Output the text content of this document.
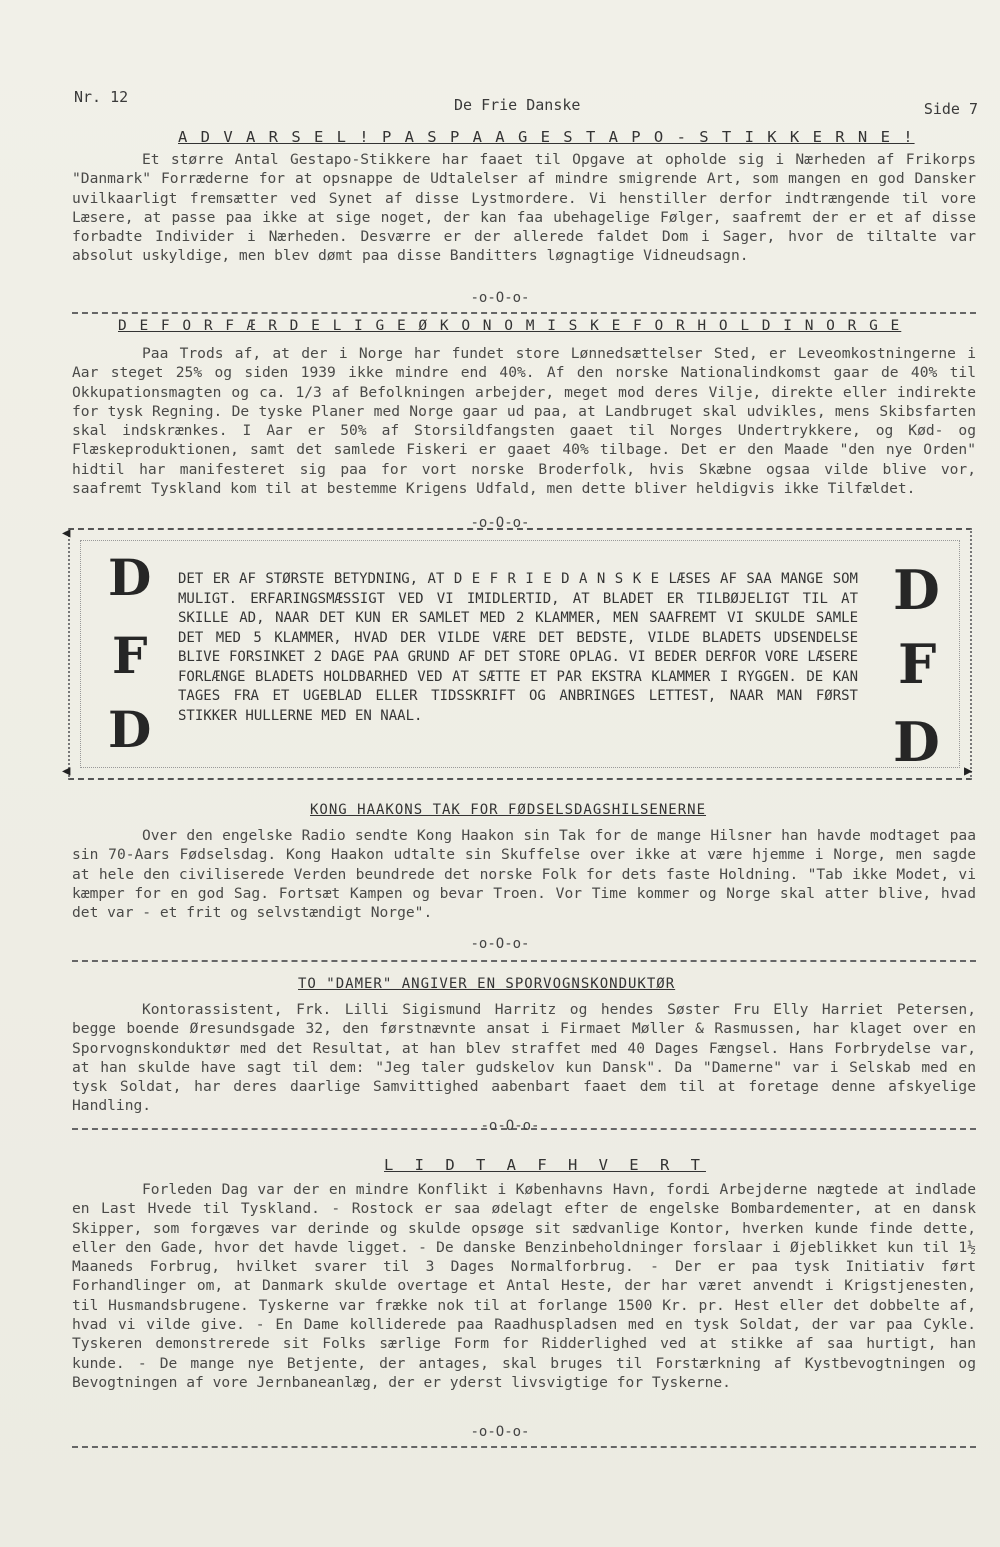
Nr. 12	De Frie Danske	Side 7
A D V A R S E L ! P A S P A A G E S T A P O - S T I K K E R N E !

Et større Antal Gestapo-Stikkere har faaet til Opgave at opholde sig i Nærheden af Frikorps "Danmark" Forræderne for at opsnappe de Udtalelser af mindre smigrende Art, som mangen en god Dansker uvilkaarligt fremsætter ved Synet af disse Lystmordere. Vi henstiller derfor indtrængende til vore Læsere, at passe paa ikke at sige noget, der kan faa ubehagelige Følger, saafremt der er et af disse forbadte Individer i Nærheden. Desværre er der allerede faldet Dom i Sager, hvor de tiltalte var absolut uskyldige, men blev dømt paa disse Banditters løgnagtige Vidneudsagn.

-o-O-o-
D E F O R F Æ R D E L I G E Ø K O N O M I S K E F O R H O L D I N O R G E

Paa Trods af, at der i Norge har fundet store Lønnedsættelser Sted, er Leveomkostningerne i Aar steget 25% og siden 1939 ikke mindre end 40%. Af den norske Nationalindkomst gaar de 40% til Okkupationsmagten og ca. 1/3 af Befolkningen arbejder, meget mod deres Vilje, direkte eller indirekte for tysk Regning. De tyske Planer med Norge gaar ud paa, at Landbruget skal udvikles, mens Skibsfarten skal indskrænkes. I Aar er 50% af Storsildfangsten gaaet til Norges Undertrykkere, og Kød- og Flæskeproduktionen, samt det samlede Fiskeri er gaaet 40% tilbage. Det er den Maade "den nye Orden" hidtil har manifesteret sig paa for vort norske Broderfolk, hvis Skæbne ogsaa vilde blive vor, saafremt Tyskland kom til at bestemme Krigens Udfald, men dette bliver heldigvis ikke Tilfældet.

-o-O-o-
◀
◀	▶
D
F
D
DET ER AF STØRSTE BETYDNING, AT D E F R I E D A N S K E LÆSES AF SAA MANGE SOM MULIGT. ERFARINGSMÆSSIGT VED VI IMIDLERTID, AT BLADET ER TILBØJELIGT TIL AT SKILLE AD, NAAR DET KUN ER SAMLET MED 2 KLAMMER, MEN SAAFREMT VI SKULDE SAMLE DET MED 5 KLAMMER, HVAD DER VILDE VÆRE DET BEDSTE, VILDE BLADETS UDSENDELSE BLIVE FORSINKET 2 DAGE PAA GRUND AF DET STORE OPLAG. VI BEDER DERFOR VORE LÆSERE FORLÆNGE BLADETS HOLDBARHED VED AT SÆTTE ET PAR EKSTRA KLAMMER I RYGGEN. DE KAN TAGES FRA ET UGEBLAD ELLER TIDSSKRIFT OG ANBRINGES LETTEST, NAAR MAN FØRST STIKKER HULLERNE MED EN NAAL.
D
F
D
KONG HAAKONS TAK FOR FØDSELSDAGSHILSENERNE

Over den engelske Radio sendte Kong Haakon sin Tak for de mange Hilsner han havde modtaget paa sin 70-Aars Fødselsdag. Kong Haakon udtalte sin Skuffelse over ikke at være hjemme i Norge, men sagde at hele den civiliserede Verden beundrede det norske Folk for dets faste Holdning. "Tab ikke Modet, vi kæmper for en god Sag. Fortsæt Kampen og bevar Troen. Vor Time kommer og Norge skal atter blive, hvad det var - et frit og selvstændigt Norge".

-o-O-o-
TO "DAMER" ANGIVER EN SPORVOGNSKONDUKTØR

Kontorassistent, Frk. Lilli Sigismund Harritz og hendes Søster Fru Elly Harriet Petersen, begge boende Øresundsgade 32, den førstnævnte ansat i Firmaet Møller & Rasmussen, har klaget over en Sporvognskonduktør med det Resultat, at han blev straffet med 40 Dages Fængsel. Hans Forbrydelse var, at han skulde have sagt til dem: "Jeg taler gudskelov kun Dansk". Da "Damerne" var i Selskab med en tysk Soldat, har deres daarlige Samvittighed aabenbart faaet dem til at foretage denne afskyelige Handling.

-o-O-o-
L I D T A F H V E R T

Forleden Dag var der en mindre Konflikt i Københavns Havn, fordi Arbejderne nægtede at indlade en Last Hvede til Tyskland. - Rostock er saa ødelagt efter de engelske Bombardementer, at en dansk Skipper, som forgæves var derinde og skulde opsøge sit sædvanlige Kontor, hverken kunde finde dette, eller den Gade, hvor det havde ligget. - De danske Benzinbeholdninger forslaar i Øjeblikket kun til 1½ Maaneds Forbrug, hvilket svarer til 3 Dages Normalforbrug. - Der er paa tysk Initiativ ført Forhandlinger om, at Danmark skulde overtage et Antal Heste, der har været anvendt i Krigstjenesten, til Husmandsbrugene. Tyskerne var frække nok til at forlange 1500 Kr. pr. Hest eller det dobbelte af, hvad vi vilde give. - En Dame kolliderede paa Raadhuspladsen med en tysk Soldat, der var paa Cykle. Tyskeren demonstrerede sit Folks særlige Form for Ridderlighed ved at stikke af saa hurtigt, han kunde. - De mange nye Betjente, der antages, skal bruges til Forstærkning af Kystbevogtningen og Bevogtningen af vore Jernbaneanlæg, der er yderst livsvigtige for Tyskerne.

-o-O-o-
